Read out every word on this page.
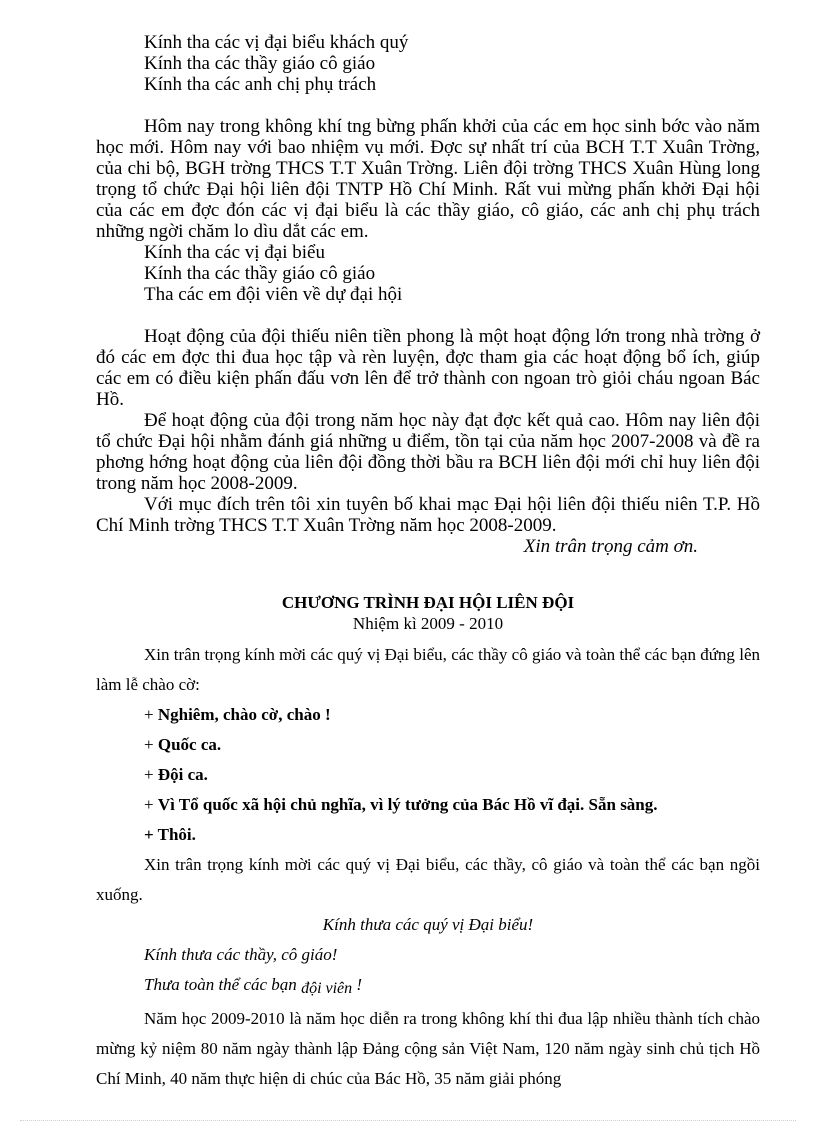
Kính tha các vị đại biểu khách quý
Kính tha các thầy giáo cô giáo
Kính tha các anh chị phụ trách
Hôm nay trong không khí tng bừng phấn khởi của các em học sinh bớc vào năm học mới. Hôm nay với bao nhiệm vụ mới. Đợc sự nhất trí của BCH T.T Xuân Trờng, của chi bộ, BGH trờng THCS T.T Xuân Trờng. Liên đội trờng THCS Xuân Hùng long trọng tổ chức Đại hội liên đội TNTP Hồ Chí Minh. Rất vui mừng phấn khởi Đại hội của các em đợc đón các vị đại biểu là các thầy giáo, cô giáo, các anh chị phụ trách những ngời chăm lo dìu dắt các em.
Kính tha các vị đại biểu
Kính tha các thầy giáo cô giáo
Tha các em đội viên về dự đại hội
Hoạt động của đội thiếu niên tiền phong là một hoạt động lớn trong nhà trờng ở đó các em đợc thi đua học tập và rèn luyện, đợc tham gia các hoạt động bổ ích, giúp các em có điều kiện phấn đấu vơn lên để trở thành con ngoan trò giỏi cháu ngoan Bác Hồ.
Để hoạt động của đội trong năm học này đạt đợc kết quả cao. Hôm nay liên đội tổ chức Đại hội nhằm đánh giá những u điểm, tồn tại của năm học 2007-2008 và đề ra phơng hớng hoạt động của liên đội đồng thời bầu ra BCH liên đội mới chỉ huy liên đội trong năm học 2008-2009.
Với mục đích trên tôi xin tuyên bố khai mạc Đại hội liên đội thiếu niên T.P. Hồ Chí Minh trờng THCS T.T Xuân Trờng năm học 2008-2009.
Xin trân trọng cảm ơn.
CHƯƠNG TRÌNH ĐẠI HỘI LIÊN ĐỘI
Nhiệm kì 2009 - 2010
Xin trân trọng kính mời các quý vị Đại biểu, các thầy cô giáo và toàn thể các bạn đứng lên làm lễ chào cờ:
+ Nghiêm, chào cờ, chào !
+ Quốc ca.
+ Đội ca.
+ Vì Tổ quốc xã hội chủ nghĩa, vì lý tưởng của Bác Hồ vĩ đại. Sẵn sàng.
+ Thôi.
Xin trân trọng kính mời các quý vị Đại biểu, các thầy, cô giáo và toàn thể các bạn ngồi xuống.
Kính thưa các quý vị Đại biểu!
Kính thưa các thầy, cô giáo!
Thưa toàn thể các bạn đội viên !
Năm học 2009-2010 là năm học diễn ra trong không khí thi đua lập nhiều thành tích chào mừng kỷ niệm 80 năm ngày thành lập Đảng cộng sản Việt Nam, 120 năm ngày sinh chủ tịch Hồ Chí Minh, 40 năm thực hiện di chúc của Bác Hồ, 35 năm giải phóng
